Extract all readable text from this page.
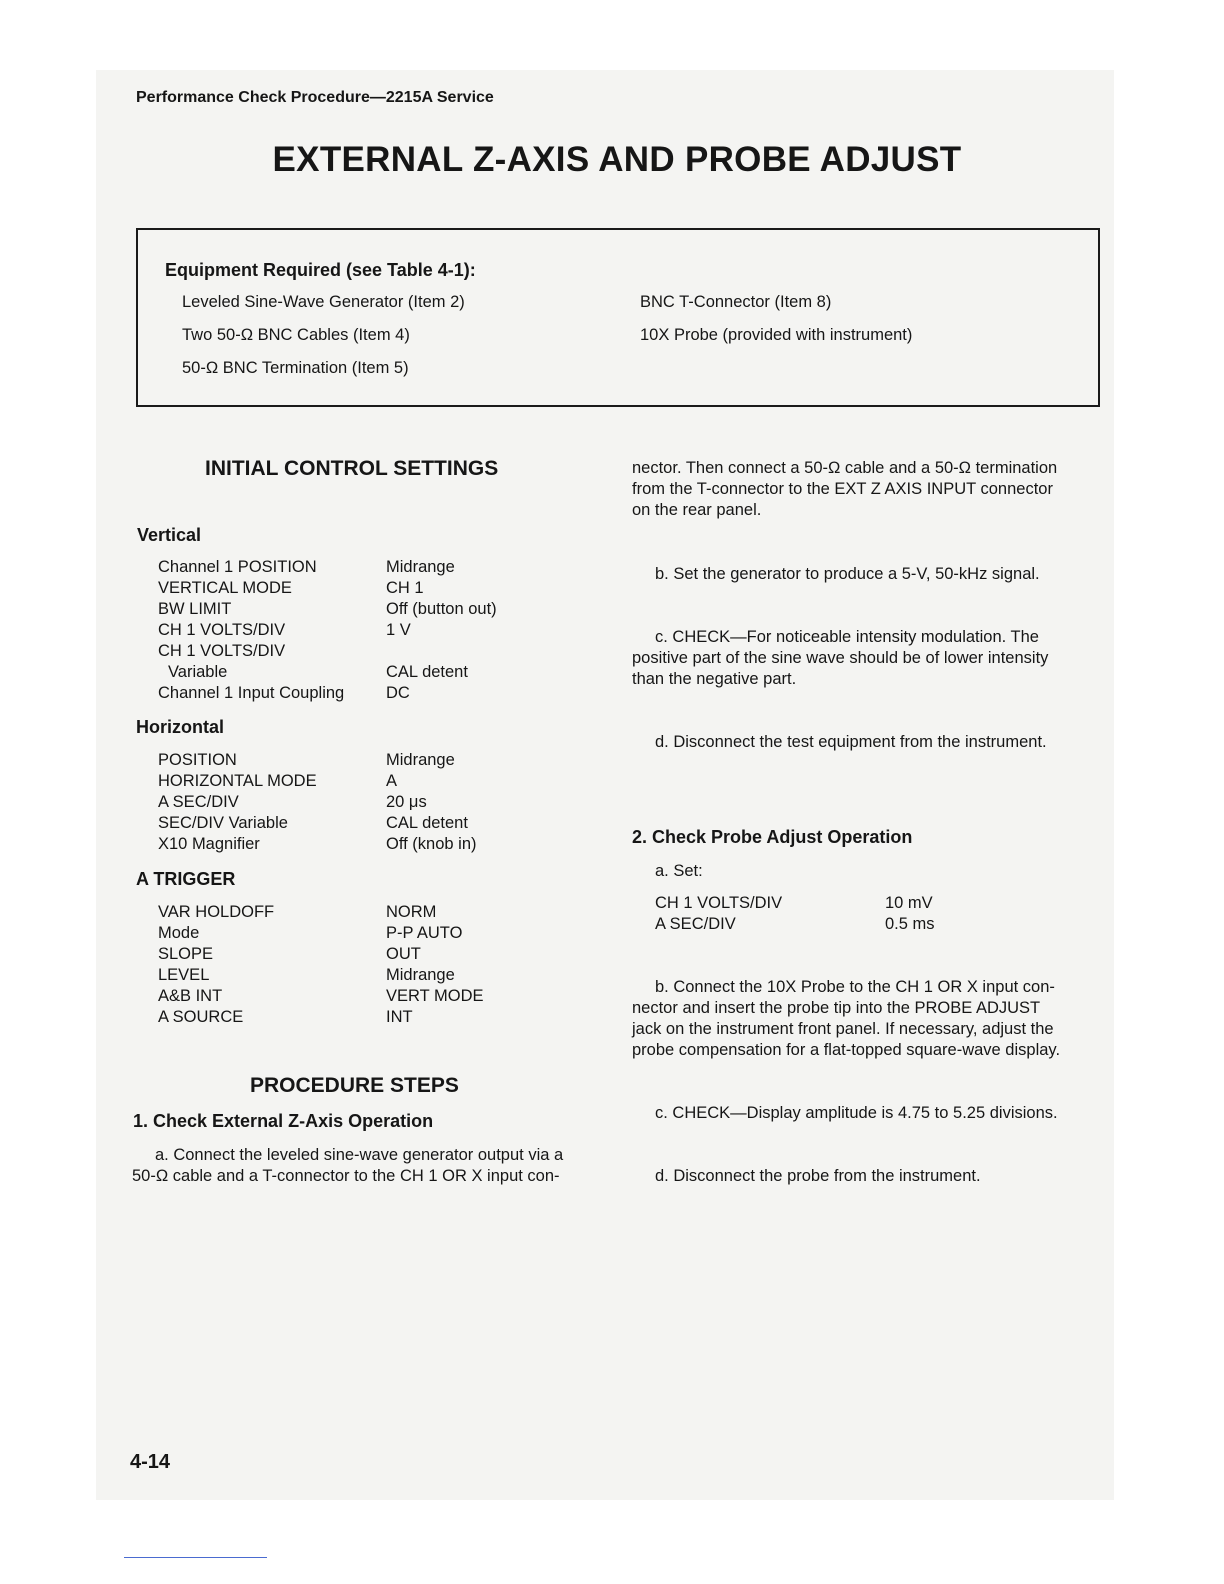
Performance Check Procedure—2215A Service
EXTERNAL Z-AXIS AND PROBE ADJUST
Equipment Required (see Table 4-1):
Leveled Sine-Wave Generator (Item 2)
Two 50-Ω BNC Cables (Item 4)
50-Ω BNC Termination (Item 5)
BNC T-Connector (Item 8)
10X Probe (provided with instrument)
INITIAL CONTROL SETTINGS
Vertical
Channel 1 POSITION	Midrange
VERTICAL MODE	CH 1
BW LIMIT	Off (button out)
CH 1 VOLTS/DIV	1 V
CH 1 VOLTS/DIV
Variable	CAL detent
Channel 1 Input Coupling	DC
Horizontal
POSITION	Midrange
HORIZONTAL MODE	A
A SEC/DIV	20 μs
SEC/DIV Variable	CAL detent
X10 Magnifier	Off (knob in)
A TRIGGER
VAR HOLDOFF	NORM
Mode	P-P AUTO
SLOPE	OUT
LEVEL	Midrange
A&B INT	VERT MODE
A SOURCE	INT
PROCEDURE STEPS
1. Check External Z-Axis Operation
a. Connect the leveled sine-wave generator output via a
50-Ω cable and a T-connector to the CH 1 OR X input con-
nector. Then connect a 50-Ω cable and a 50-Ω termination
from the T-connector to the EXT Z AXIS INPUT connector
on the rear panel.
b. Set the generator to produce a 5-V, 50-kHz signal.
c. CHECK—For noticeable intensity modulation. The
positive part of the sine wave should be of lower intensity
than the negative part.
d. Disconnect the test equipment from the instrument.
2. Check Probe Adjust Operation
a. Set:
CH 1 VOLTS/DIV	10 mV
A SEC/DIV	0.5 ms
b. Connect the 10X Probe to the CH 1 OR X input con-
nector and insert the probe tip into the PROBE ADJUST
jack on the instrument front panel. If necessary, adjust the
probe compensation for a flat-topped square-wave display.
c. CHECK—Display amplitude is 4.75 to 5.25 divisions.
d. Disconnect the probe from the instrument.
4-14
